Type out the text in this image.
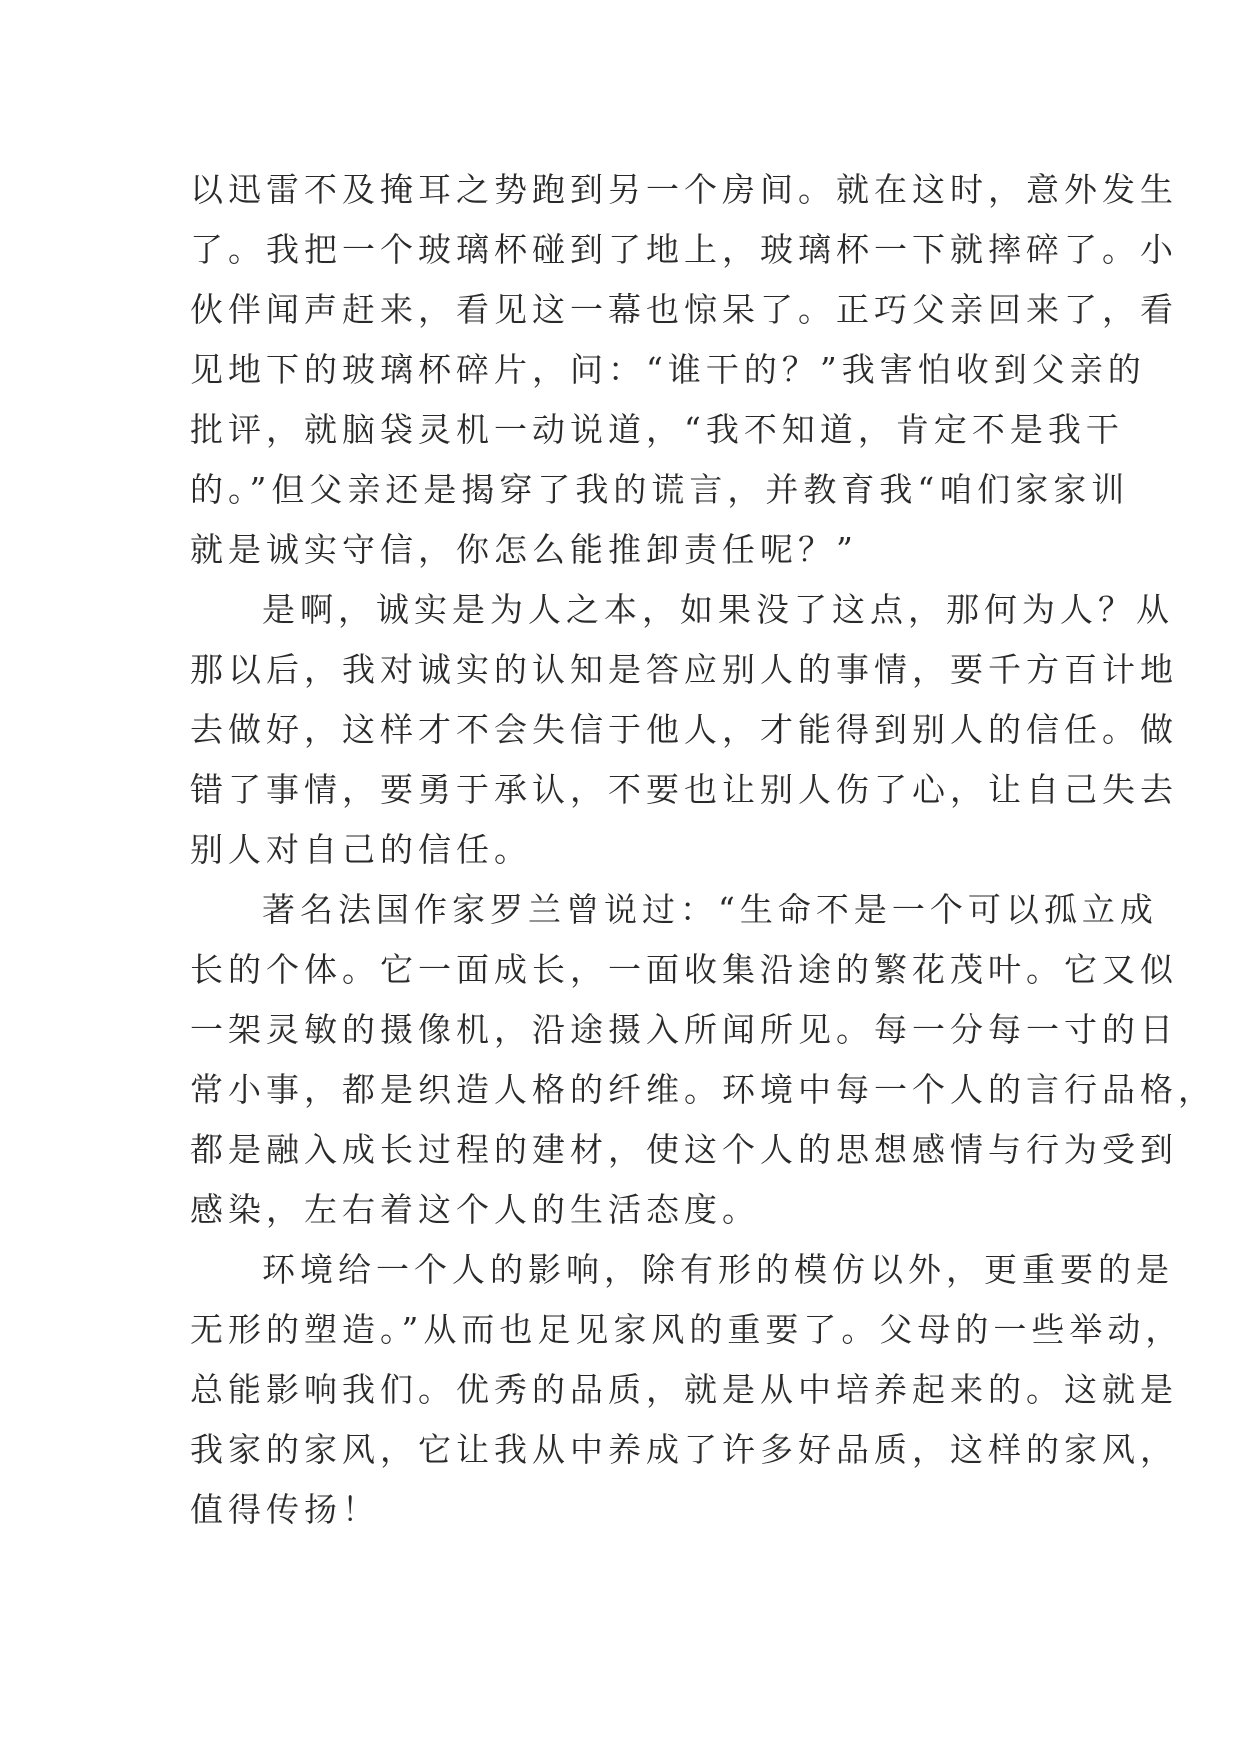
以迅雷不及掩耳之势跑到另一个房间。就在这时，意外发生
了。我把一个玻璃杯碰到了地上，玻璃杯一下就摔碎了。小
伙伴闻声赶来，看见这一幕也惊呆了。正巧父亲回来了，看
见地下的玻璃杯碎片，问：“谁干的？”我害怕收到父亲的
批评，就脑袋灵机一动说道，“我不知道，肯定不是我干
的。”但父亲还是揭穿了我的谎言，并教育我“咱们家家训
就是诚实守信，你怎么能推卸责任呢？”
是啊，诚实是为人之本，如果没了这点，那何为人？从
那以后，我对诚实的认知是答应别人的事情，要千方百计地
去做好，这样才不会失信于他人，才能得到别人的信任。做
错了事情，要勇于承认，不要也让别人伤了心，让自己失去
别人对自己的信任。
著名法国作家罗兰曾说过：“生命不是一个可以孤立成
长的个体。它一面成长，一面收集沿途的繁花茂叶。它又似
一架灵敏的摄像机，沿途摄入所闻所见。每一分每一寸的日
常小事，都是织造人格的纤维。环境中每一个人的言行品格，
都是融入成长过程的建材，使这个人的思想感情与行为受到
感染，左右着这个人的生活态度。
环境给一个人的影响，除有形的模仿以外，更重要的是
无形的塑造。”从而也足见家风的重要了。父母的一些举动，
总能影响我们。优秀的品质，就是从中培养起来的。这就是
我家的家风，它让我从中养成了许多好品质，这样的家风，
值得传扬！
